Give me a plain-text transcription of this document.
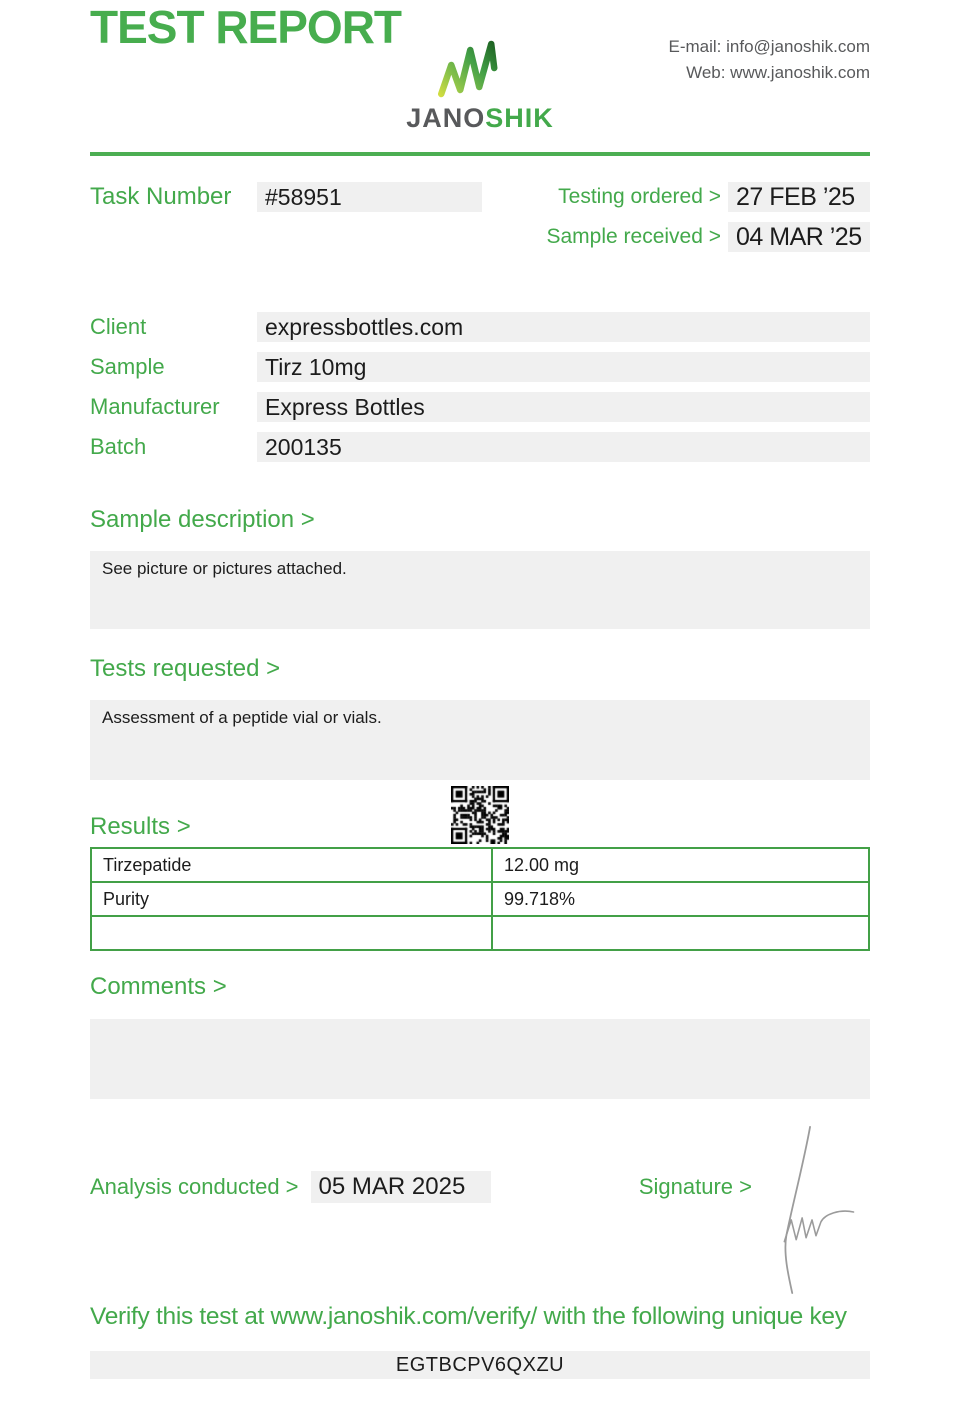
TEST REPORT
JANOSHIK
E-mail: info@janoshik.com
Web: www.janoshik.com
Task Number	#58951	Testing ordered > 27 FEB ’25
Sample received > 04 MAR ’25
Client	expressbottles.com
Sample	Tirz 10mg
Manufacturer	Express Bottles
Batch	200135
Sample description >
See picture or pictures attached.
Tests requested >
Assessment of a peptide vial or vials.
Results >
Tirzepatide	12.00 mg
Purity	99.718%

Comments >
Analysis conducted > 05 MAR 2025	Signature >
Verify this test at www.janoshik.com/verify/ with the following unique key
EGTBCPV6QXZU
